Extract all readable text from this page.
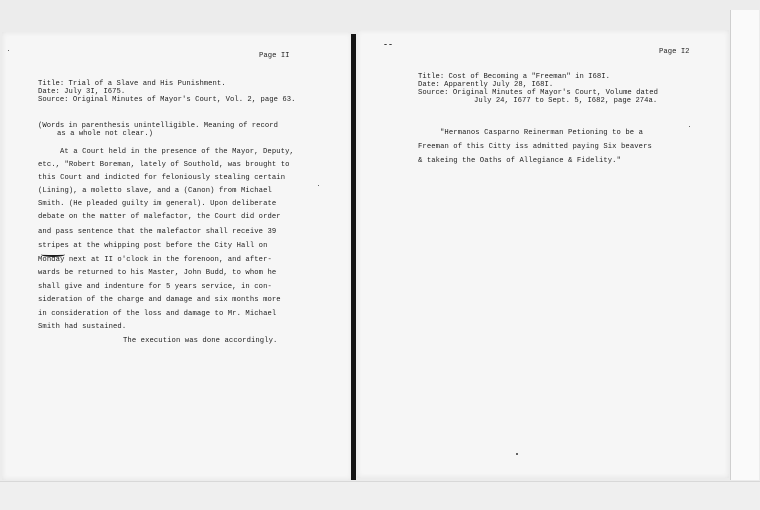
Page II
Title: Trial of a Slave and His Punishment.
Date: July 3I, I675.
Source: Original Minutes of Mayor's Court, Vol. 2, page 63.
(Words in parenthesis unintelligible. Meaning of record
as a whole not clear.)
At a Court held in the presence of the Mayor, Deputy,
etc., "Robert Boreman, lately of Southold, was brought to
this Court and indicted for feloniously stealing certain
(Lining), a moletto slave, and a (Canon) from Michael
Smith. (He pleaded guilty im general). Upon deliberate
debate on the matter of malefactor, the Court did order
and pass sentence that the malefactor shall receive 39
stripes at the whipping post before the City Hall on
Monday next at II o'clock in the forenoon, and after-
wards be returned to his Master, John Budd, to whom he
shall give and indenture for 5 years service, in con-
sideration of the charge and damage and six months more
in consideration of the loss and damage to Mr. Michael
Smith had sustained.
The execution was done accordingly.
Page I2
Title: Cost of Becoming a "Freeman" in I68I.
Date: Apparently July 28, I68I.
Source: Original Minutes of Mayor's Court, Volume dated
July 24, I677 to Sept. 5, I682, page 274a.
"Hermanos Casparno Reinerman Petioning to be a
Freeman of this Citty iss admitted paying Six beavers
& takeing the Oaths of Allegiance & Fidelity."
